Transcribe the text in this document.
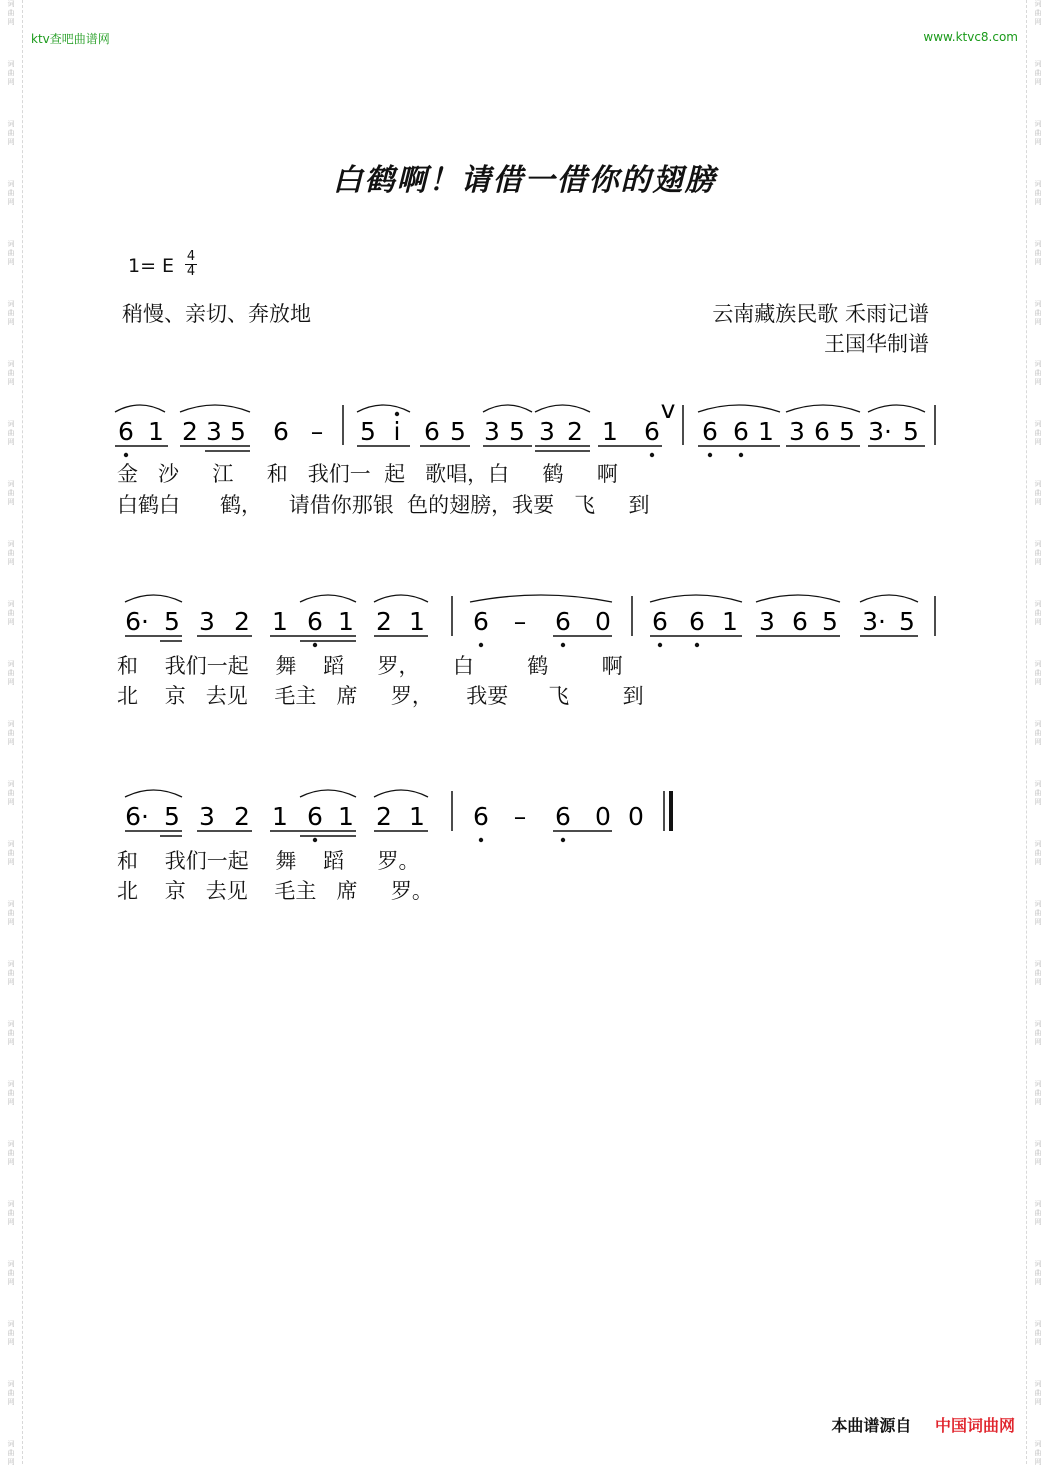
词
曲
网
词
曲
网
词
曲
网
词
曲
网
词
曲
网
词
曲
网
词
曲
网
词
曲
网
词
曲
网
词
曲
网
词
曲
网
词
曲
网
词
曲
网
词
曲
网
词
曲
网
词
曲
网
词
曲
网
词
曲
网
词
曲
网
词
曲
网
词
曲
网
词
曲
网
词
曲
网
词
曲
网
词
曲
网
词
曲
网
词
曲
网
词
曲
网
词
曲
网
词
曲
网
词
曲
网
词
曲
网
词
曲
网
词
曲
网
词
曲
网
词
曲
网
词
曲
网
词
曲
网
词
曲
网
词
曲
网
词
曲
网
词
曲
网
词
曲
网
词
曲
网
词
曲
网
词
曲
网
词
曲
网
词
曲
网
词
曲
网
词
曲
网
ktv查吧曲谱网	www.ktvc8.com
白鹤啊！请借一借你的翅膀
1= E 4
4
稍慢、亲切、奔放地	云南藏族民歌 禾雨记谱
王国华制谱
6 1 2 3 5 6 – 5 i 6 5 3 5 3 2 1 6
v
6 6 1 3 6 5 3· 5
6· 5 3 2 1 6 1 2 1 6 – 6 0 6 6 1 3 6 5 3· 5
6· 5 3 2 1 6 1 2 1 6 – 6 0 0
金   沙     江     和   我们一  起   歌唱，白     鹤     啊
白鹤白      鹤，    请借你那银  色的翅膀，我要   飞     到
和    我们一起    舞    蹈     罗，     白        鹤        啊
北    京   去见    毛主   席     罗，     我要      飞        到
和    我们一起    舞    蹈     罗。
北    京   去见    毛主   席     罗。
本曲谱源自 中国词曲网
